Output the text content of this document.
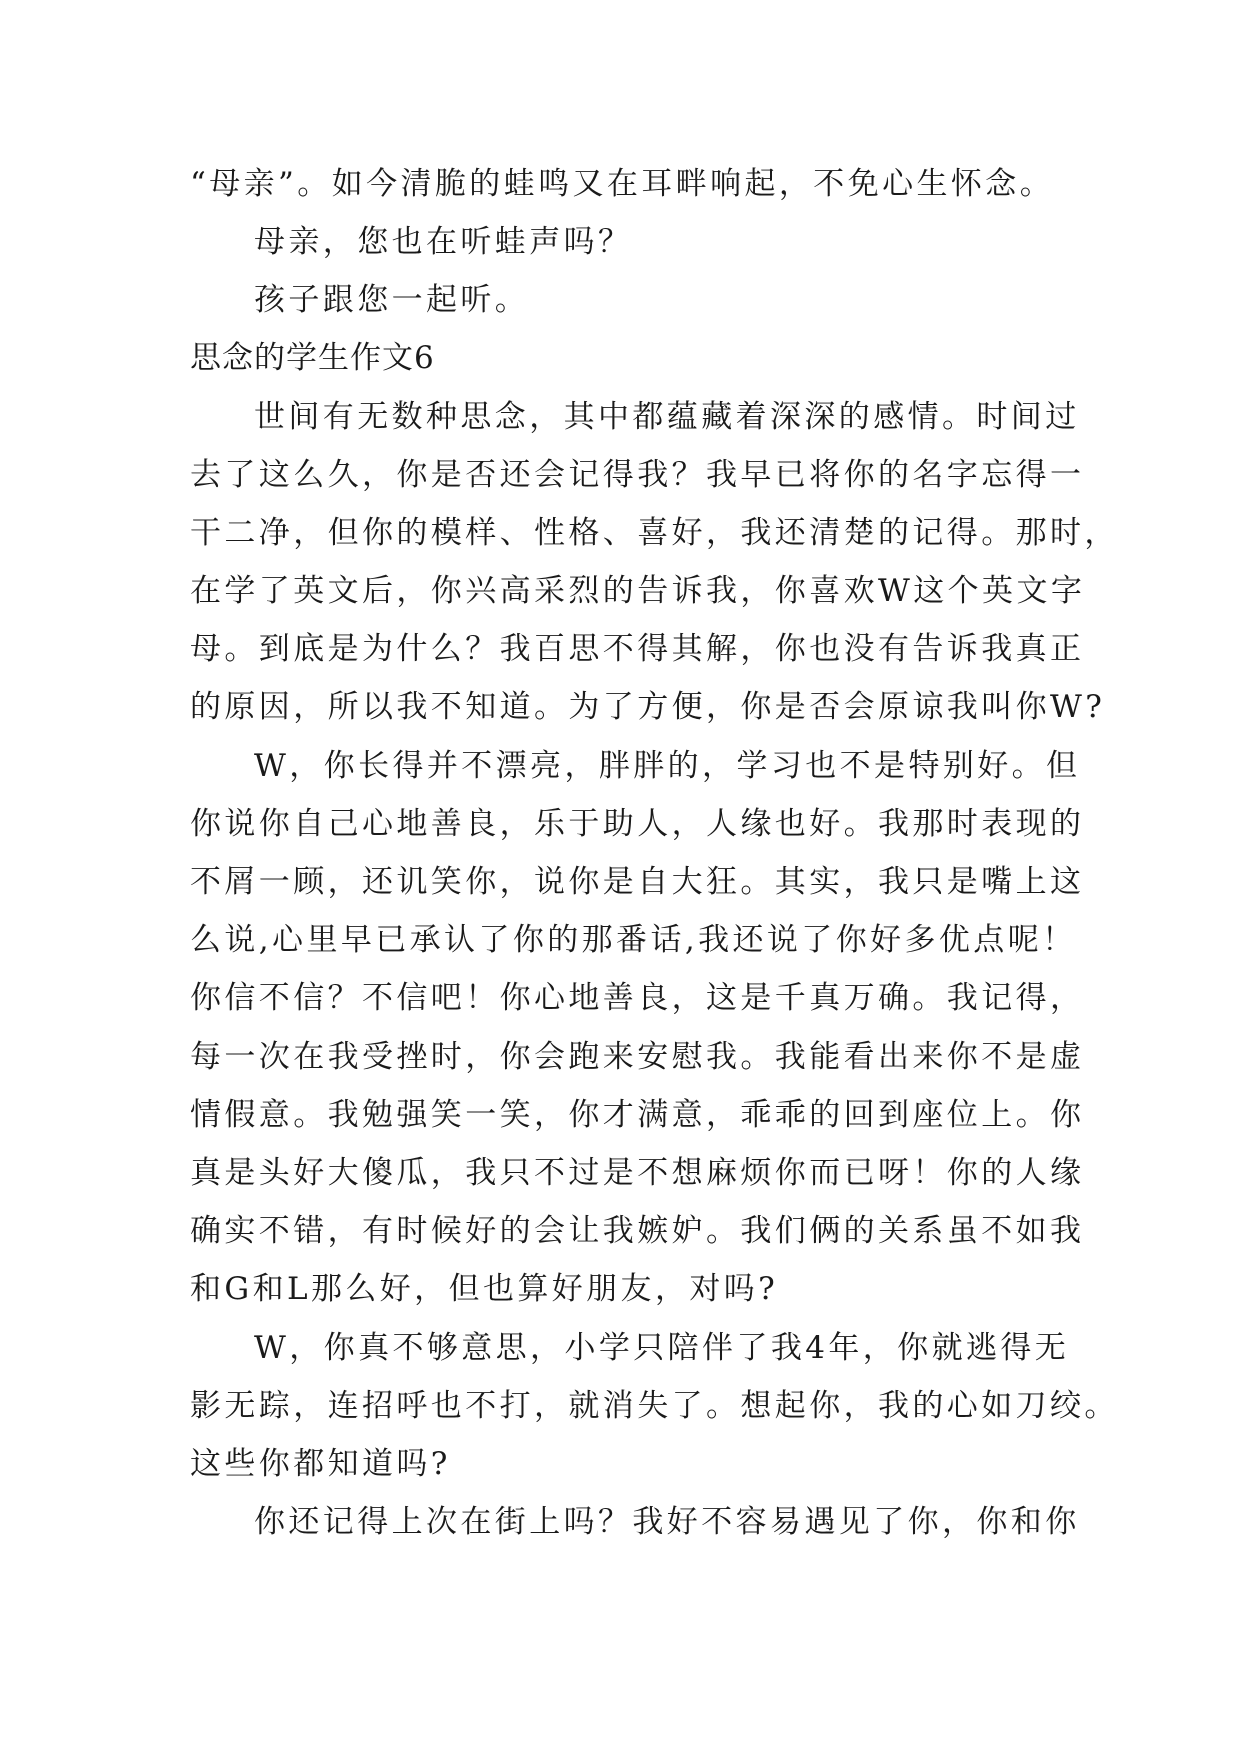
“母亲”。如今清脆的蛙鸣又在耳畔响起，不免心生怀念。

母亲，您也在听蛙声吗？

孩子跟您一起听。

思念的学生作文6

世间有无数种思念，其中都蕴藏着深深的感情。时间过

去了这么久，你是否还会记得我？我早已将你的名字忘得一

干二净，但你的模样、性格、喜好，我还清楚的记得。那时，

在学了英文后，你兴高采烈的告诉我，你喜欢W这个英文字

母。到底是为什么？我百思不得其解，你也没有告诉我真正

的原因，所以我不知道。为了方便，你是否会原谅我叫你W?

W，你长得并不漂亮，胖胖的，学习也不是特别好。但

你说你自己心地善良，乐于助人，人缘也好。我那时表现的

不屑一顾，还讥笑你，说你是自大狂。其实，我只是嘴上这

么说,心里早已承认了你的那番话,我还说了你好多优点呢！

你信不信？不信吧！你心地善良，这是千真万确。我记得，

每一次在我受挫时，你会跑来安慰我。我能看出来你不是虚

情假意。我勉强笑一笑，你才满意，乖乖的回到座位上。你

真是头好大傻瓜，我只不过是不想麻烦你而已呀！你的人缘

确实不错，有时候好的会让我嫉妒。我们俩的关系虽不如我

和G和L那么好，但也算好朋友，对吗?

W，你真不够意思，小学只陪伴了我4年，你就逃得无

影无踪，连招呼也不打，就消失了。想起你，我的心如刀绞。

这些你都知道吗?

你还记得上次在街上吗？我好不容易遇见了你，你和你
